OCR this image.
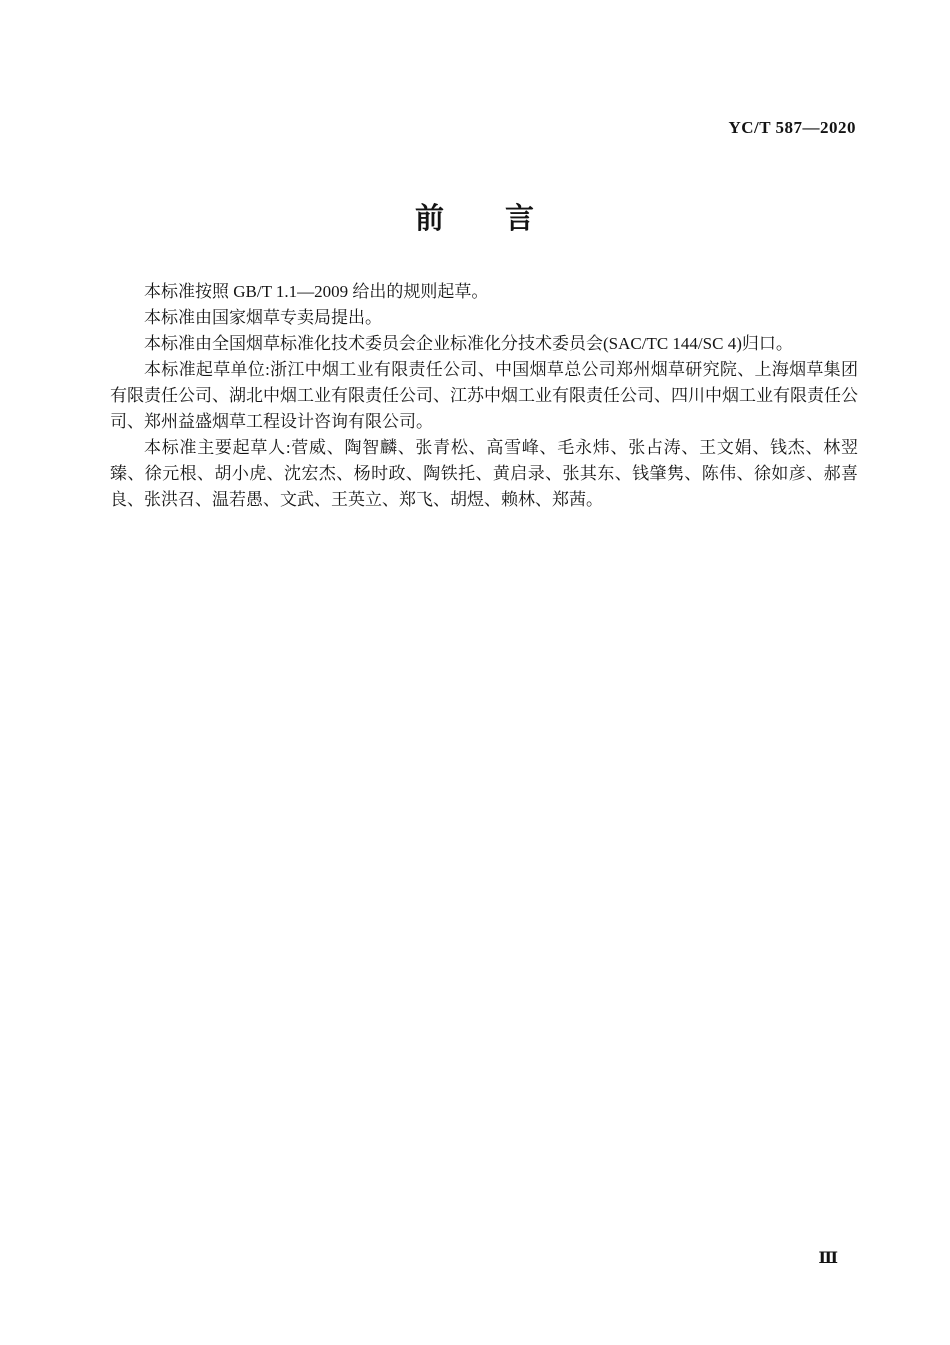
YC/T 587—2020
前　　言

本标准按照 GB/T 1.1—2009 给出的规则起草。

本标准由国家烟草专卖局提出。

本标准由全国烟草标准化技术委员会企业标准化分技术委员会(SAC/TC 144/SC 4)归口。

本标准起草单位:浙江中烟工业有限责任公司、中国烟草总公司郑州烟草研究院、上海烟草集团有限责任公司、湖北中烟工业有限责任公司、江苏中烟工业有限责任公司、四川中烟工业有限责任公司、郑州益盛烟草工程设计咨询有限公司。

本标准主要起草人:菅威、陶智麟、张青松、高雪峰、毛永炜、张占涛、王文娟、钱杰、林翌臻、徐元根、胡小虎、沈宏杰、杨时政、陶铁托、黄启录、张其东、钱肇隽、陈伟、徐如彦、郝喜良、张洪召、温若愚、文武、王英立、郑飞、胡煜、赖林、郑茜。

Ⅲ
